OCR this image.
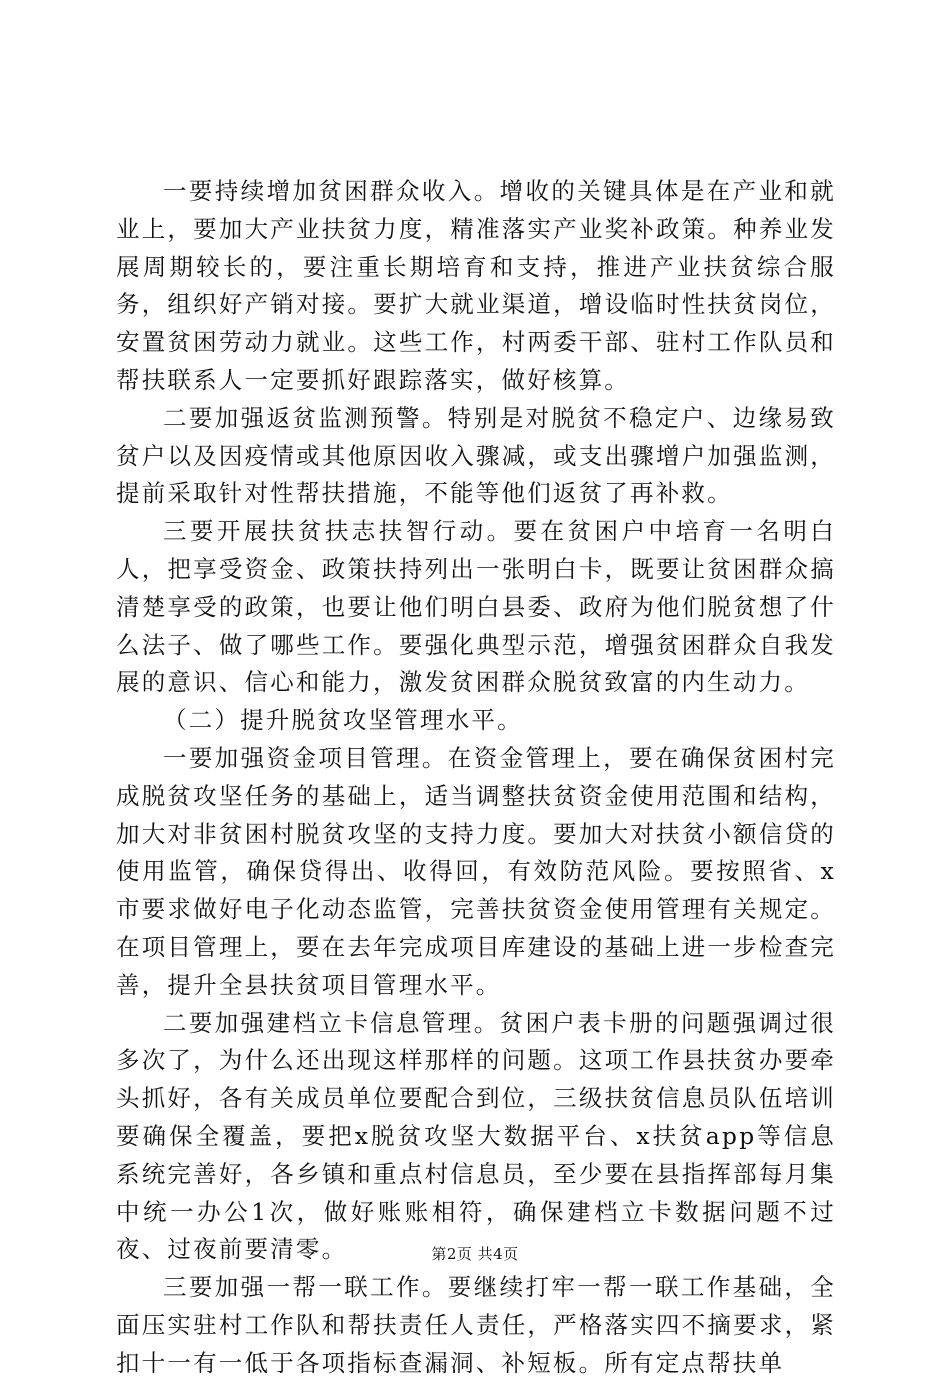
一要持续增加贫困群众收入。增收的关键具体是在产业和就业上，要加大产业扶贫力度，精准落实产业奖补政策。种养业发展周期较长的，要注重长期培育和支持，推进产业扶贫综合服务，组织好产销对接。要扩大就业渠道，增设临时性扶贫岗位，安置贫困劳动力就业。这些工作，村两委干部、驻村工作队员和帮扶联系人一定要抓好跟踪落实，做好核算。

二要加强返贫监测预警。特别是对脱贫不稳定户、边缘易致贫户以及因疫情或其他原因收入骤减，或支出骤增户加强监测，提前采取针对性帮扶措施，不能等他们返贫了再补救。

三要开展扶贫扶志扶智行动。要在贫困户中培育一名明白人，把享受资金、政策扶持列出一张明白卡，既要让贫困群众搞清楚享受的政策，也要让他们明白县委、政府为他们脱贫想了什么法子、做了哪些工作。要强化典型示范，增强贫困群众自我发展的意识、信心和能力，激发贫困群众脱贫致富的内生动力。

（二）提升脱贫攻坚管理水平。

一要加强资金项目管理。在资金管理上，要在确保贫困村完成脱贫攻坚任务的基础上，适当调整扶贫资金使用范围和结构，加大对非贫困村脱贫攻坚的支持力度。要加大对扶贫小额信贷的使用监管，确保贷得出、收得回，有效防范风险。要按照省、x市要求做好电子化动态监管，完善扶贫资金使用管理有关规定。在项目管理上，要在去年完成项目库建设的基础上进一步检查完善，提升全县扶贫项目管理水平。

二要加强建档立卡信息管理。贫困户表卡册的问题强调过很多次了，为什么还出现这样那样的问题。这项工作县扶贫办要牵头抓好，各有关成员单位要配合到位，三级扶贫信息员队伍培训要确保全覆盖，要把x脱贫攻坚大数据平台、x扶贫app等信息系统完善好，各乡镇和重点村信息员，至少要在县指挥部每月集中统一办公1次，做好账账相符，确保建档立卡数据问题不过夜、过夜前要清零。

三要加强一帮一联工作。要继续打牢一帮一联工作基础，全面压实驻村工作队和帮扶责任人责任，严格落实四不摘要求，紧扣十一有一低于各项指标查漏洞、补短板。所有定点帮扶单

第2页 共4页
